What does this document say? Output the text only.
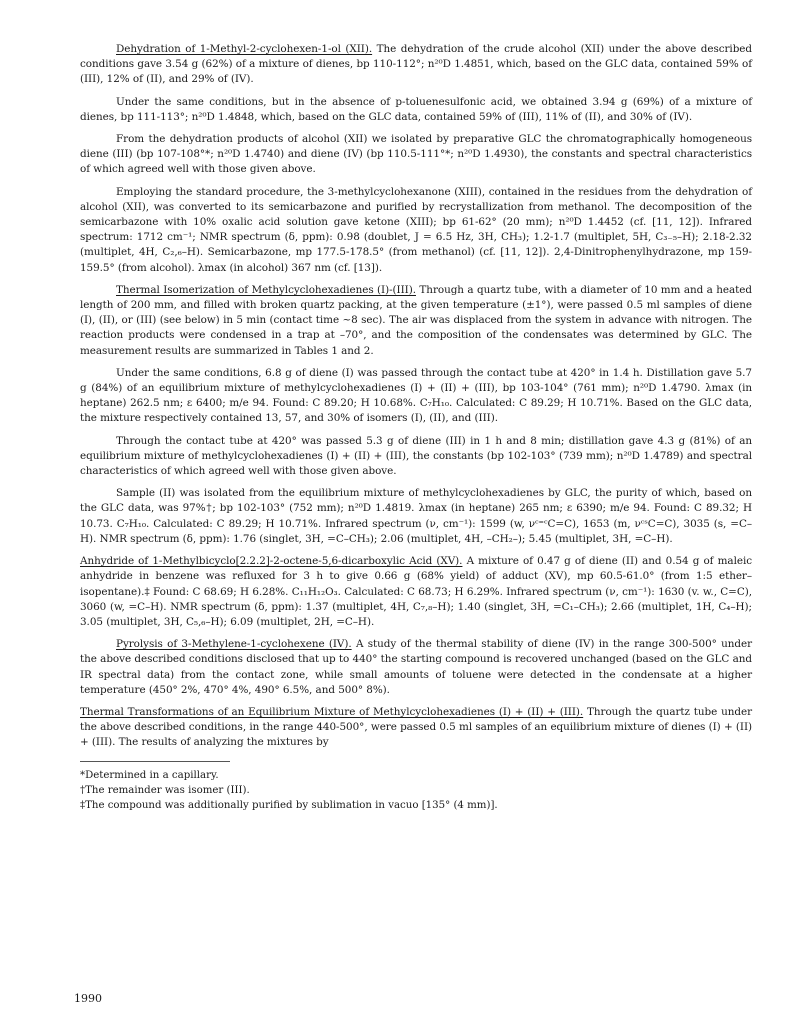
Dehydration of 1-Methyl-2-cyclohexen-1-ol (XII). The dehydration of the crude alcohol (XII) under the above described conditions gave 3.54 g (62%) of a mixture of dienes, bp 110-112°; n²⁰D 1.4851, which, based on the GLC data, contained 59% of (III), 12% of (II), and 29% of (IV).

Under the same conditions, but in the absence of p-toluenesulfonic acid, we obtained 3.94 g (69%) of a mixture of dienes, bp 111-113°; n²⁰D 1.4848, which, based on the GLC data, contained 59% of (III), 11% of (II), and 30% of (IV).

From the dehydration products of alcohol (XII) we isolated by preparative GLC the chromatographically homogeneous diene (III) (bp 107-108°*; n²⁰D 1.4740) and diene (IV) (bp 110.5-111°*; n²⁰D 1.4930), the constants and spectral characteristics of which agreed well with those given above.

Employing the standard procedure, the 3-methylcyclohexanone (XIII), contained in the residues from the dehydration of alcohol (XII), was converted to its semicarbazone and purified by recrystallization from methanol. The decomposition of the semicarbazone with 10% oxalic acid solution gave ketone (XIII); bp 61-62° (20 mm); n²⁰D 1.4452 (cf. [11, 12]). Infrared spectrum: 1712 cm⁻¹; NMR spectrum (δ, ppm): 0.98 (doublet, J = 6.5 Hz, 3H, CH₃); 1.2-1.7 (multiplet, 5H, C₃₋₅–H); 2.18-2.32 (multiplet, 4H, C₂,₆–H). Semicarbazone, mp 177.5-178.5° (from methanol) (cf. [11, 12]). 2,4-Dinitrophenylhydrazone, mp 159-159.5° (from alcohol). λmax (in alcohol) 367 nm (cf. [13]).

Thermal Isomerization of Methylcyclohexadienes (I)-(III). Through a quartz tube, with a diameter of 10 mm and a heated length of 200 mm, and filled with broken quartz packing, at the given temperature (±1°), were passed 0.5 ml samples of diene (I), (II), or (III) (see below) in 5 min (contact time ~8 sec). The air was displaced from the system in advance with nitrogen. The reaction products were condensed in a trap at –70°, and the composition of the condensates was determined by GLC. The measurement results are summarized in Tables 1 and 2.

Under the same conditions, 6.8 g of diene (I) was passed through the contact tube at 420° in 1.4 h. Distillation gave 5.7 g (84%) of an equilibrium mixture of methylcyclohexadienes (I) + (II) + (III), bp 103-104° (761 mm); n²⁰D 1.4790. λmax (in heptane) 262.5 nm; ε 6400; m/e 94. Found: C 89.20; H 10.68%. C₇H₁₀. Calculated: C 89.29; H 10.71%. Based on the GLC data, the mixture respectively contained 13, 57, and 30% of isomers (I), (II), and (III).

Through the contact tube at 420° was passed 5.3 g of diene (III) in 1 h and 8 min; distillation gave 4.3 g (81%) of an equilibrium mixture of methylcyclohexadienes (I) + (II) + (III), the constants (bp 102-103° (739 mm); n²⁰D 1.4789) and spectral characteristics of which agreed well with those given above.

Sample (II) was isolated from the equilibrium mixture of methylcyclohexadienes by GLC, the purity of which, based on the GLC data, was 97%†; bp 102-103° (752 mm); n²⁰D 1.4819. λmax (in heptane) 265 nm; ε 6390; m/e 94. Found: C 89.32; H 10.73. C₇H₁₀. Calculated: C 89.29; H 10.71%. Infrared spectrum (ν, cm⁻¹): 1599 (w, νᶜ⁼ᶜC=C), 1653 (m, νᶜˢC=C), 3035 (s, =C–H). NMR spectrum (δ, ppm): 1.76 (singlet, 3H, =C–CH₃); 2.06 (multiplet, 4H, –CH₂–); 5.45 (multiplet, 3H, =C–H).

Anhydride of 1-Methylbicyclo[2.2.2]-2-octene-5,6-dicarboxylic Acid (XV). A mixture of 0.47 g of diene (II) and 0.54 g of maleic anhydride in benzene was refluxed for 3 h to give 0.66 g (68% yield) of adduct (XV), mp 60.5-61.0° (from 1:5 ether–isopentane).‡ Found: C 68.69; H 6.28%. C₁₁H₁₂O₃. Calculated: C 68.73; H 6.29%. Infrared spectrum (ν, cm⁻¹): 1630 (v. w., C=C), 3060 (w, =C–H). NMR spectrum (δ, ppm): 1.37 (multiplet, 4H, C₇,₈–H); 1.40 (singlet, 3H, =C₁–CH₃); 2.66 (multiplet, 1H, C₄–H); 3.05 (multiplet, 3H, C₅,₆–H); 6.09 (multiplet, 2H, =C–H).

Pyrolysis of 3-Methylene-1-cyclohexene (IV). A study of the thermal stability of diene (IV) in the range 300-500° under the above described conditions disclosed that up to 440° the starting compound is recovered unchanged (based on the GLC and IR spectral data) from the contact zone, while small amounts of toluene were detected in the condensate at a higher temperature (450° 2%, 470° 4%, 490° 6.5%, and 500° 8%).

Thermal Transformations of an Equilibrium Mixture of Methylcyclohexadienes (I) + (II) + (III). Through the quartz tube under the above described conditions, in the range 440-500°, were passed 0.5 ml samples of an equilibrium mixture of dienes (I) + (II) + (III). The results of analyzing the mixtures by

*Determined in a capillary.

†The remainder was isomer (III).

‡The compound was additionally purified by sublimation in vacuo [135° (4 mm)].

1990
